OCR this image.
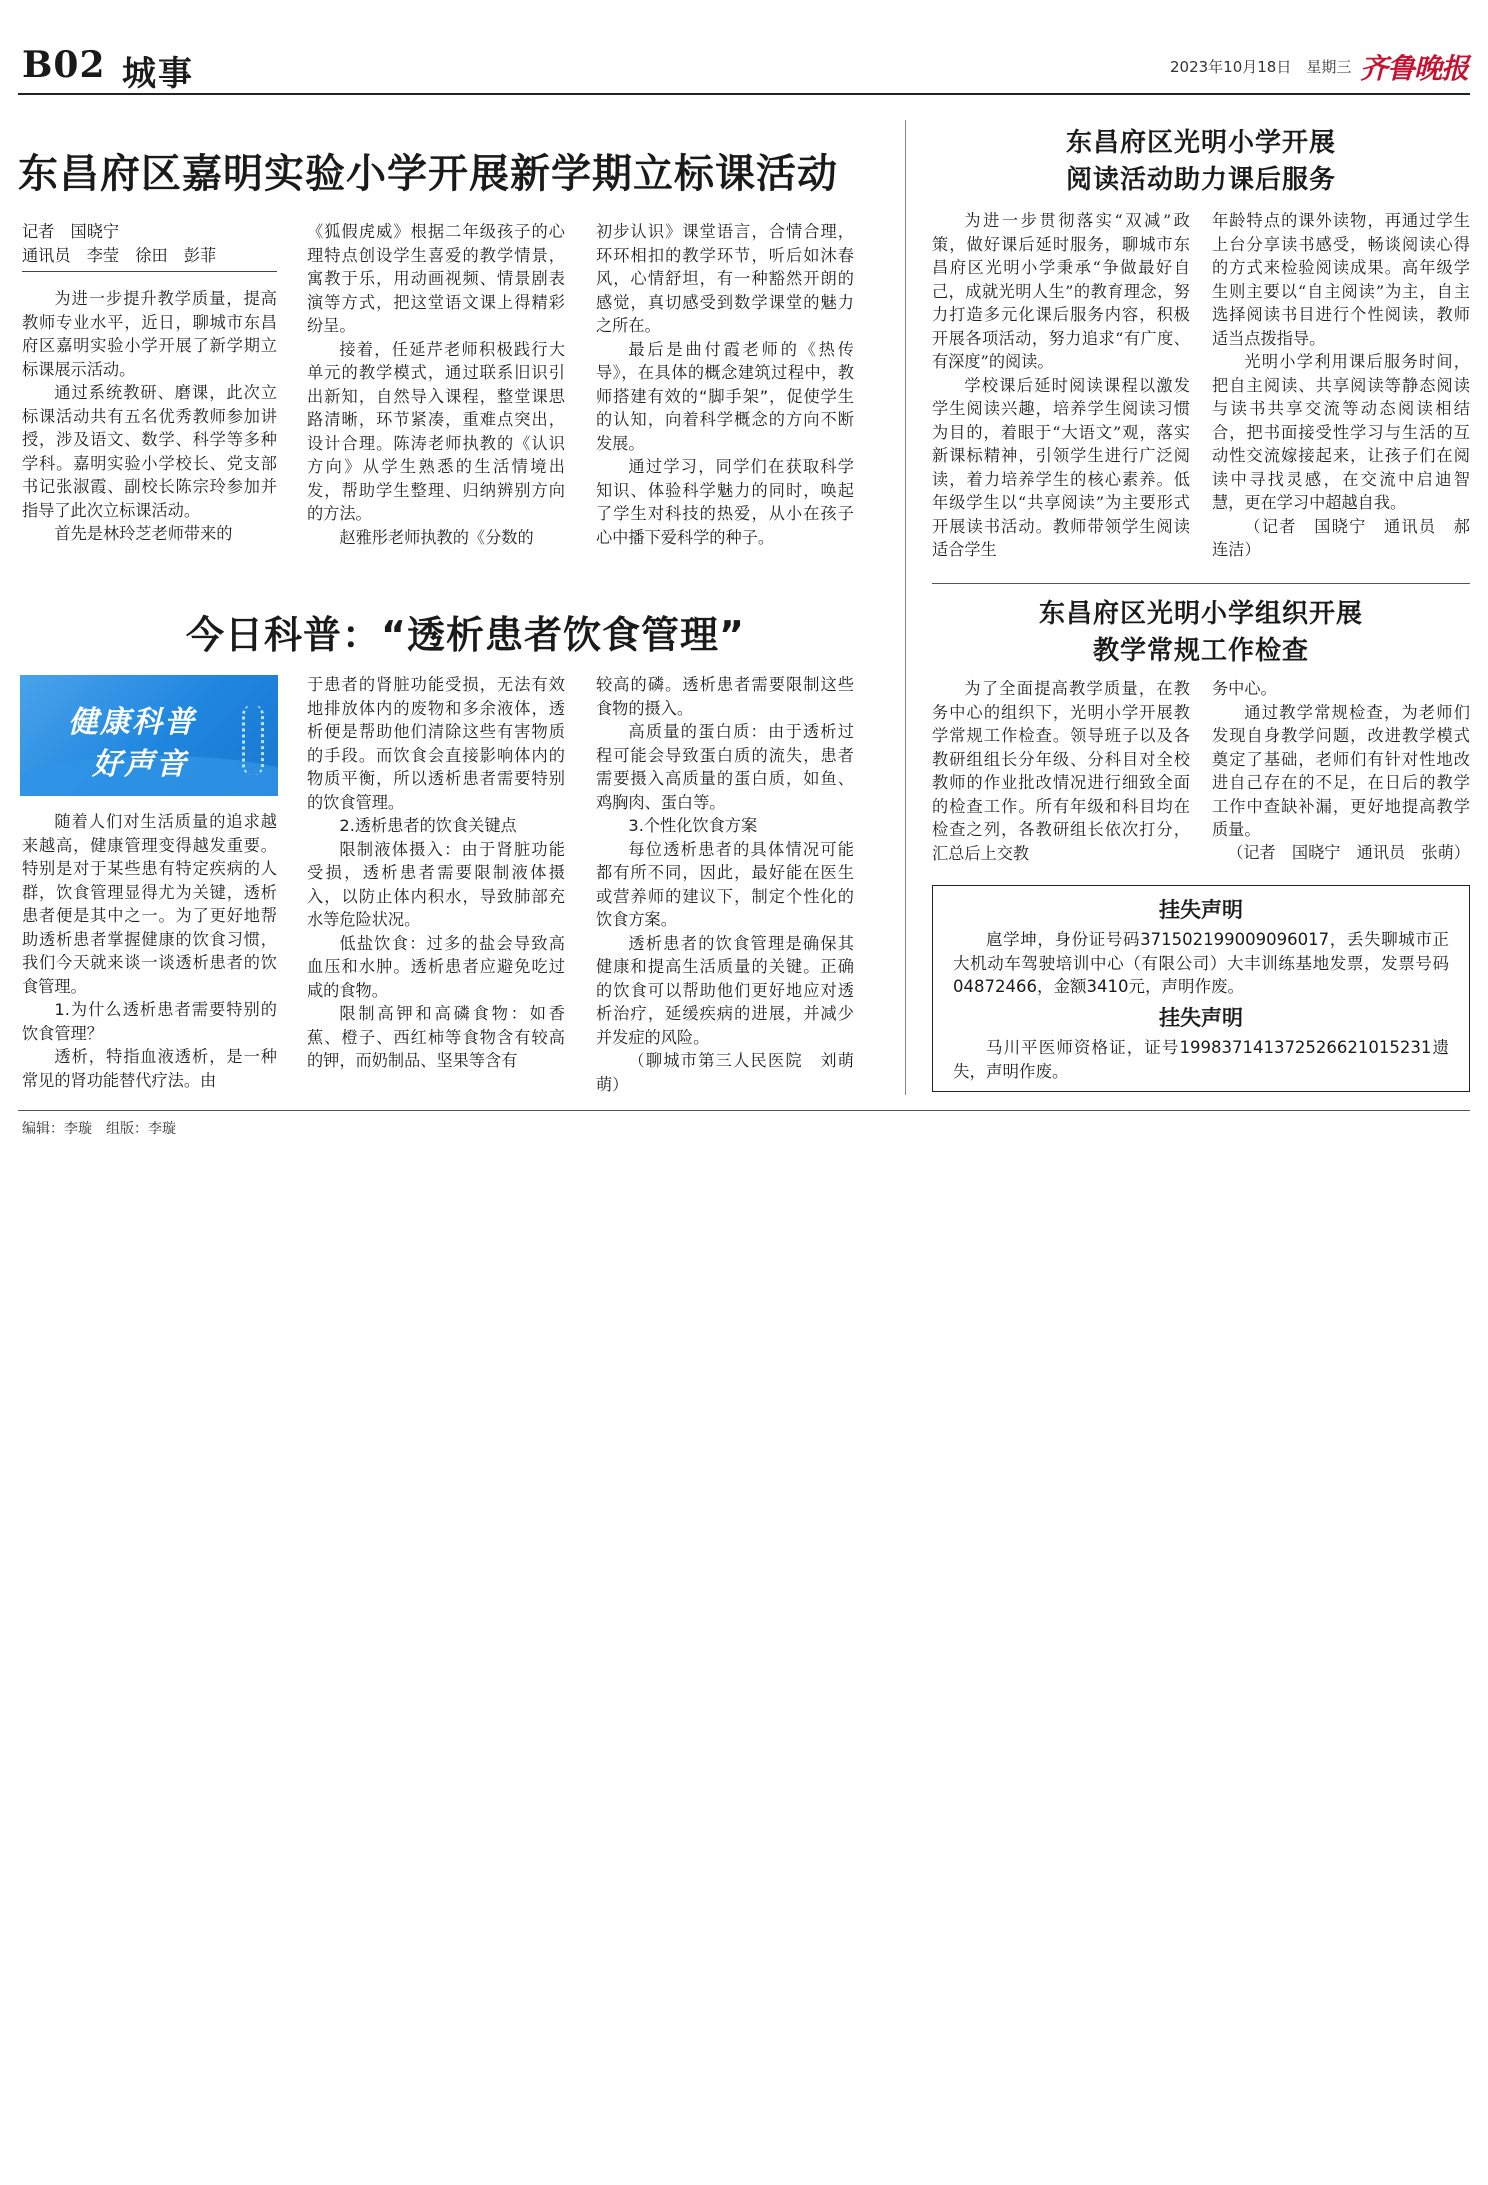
B02 城事	2023年10月18日　星期三 齐鲁晚报
东昌府区嘉明实验小学开展新学期立标课活动
记者　国晓宁
通讯员　李莹　徐田　彭菲

为进一步提升教学质量，提高教师专业水平，近日，聊城市东昌府区嘉明实验小学开展了新学期立标课展示活动。

通过系统教研、磨课，此次立标课活动共有五名优秀教师参加讲授，涉及语文、数学、科学等多种学科。嘉明实验小学校长、党支部书记张淑霞、副校长陈宗玲参加并指导了此次立标课活动。

首先是林玲芝老师带来的

《狐假虎威》根据二年级孩子的心理特点创设学生喜爱的教学情景，寓教于乐，用动画视频、情景剧表演等方式，把这堂语文课上得精彩纷呈。

接着，任延芹老师积极践行大单元的教学模式，通过联系旧识引出新知，自然导入课程，整堂课思路清晰，环节紧凑，重难点突出，设计合理。陈涛老师执教的《认识方向》从学生熟悉的生活情境出发，帮助学生整理、归纳辨别方向的方法。

赵雅彤老师执教的《分数的

初步认识》课堂语言，合情合理，环环相扣的教学环节，听后如沐春风，心情舒坦，有一种豁然开朗的感觉，真切感受到数学课堂的魅力之所在。

最后是曲付霞老师的《热传导》，在具体的概念建筑过程中，教师搭建有效的“脚手架”，促使学生的认知，向着科学概念的方向不断发展。

通过学习，同学们在获取科学知识、体验科学魅力的同时，唤起了学生对科技的热爱，从小在孩子心中播下爱科学的种子。

今日科普：“透析患者饮食管理”
健康科普
好声音

随着人们对生活质量的追求越来越高，健康管理变得越发重要。特别是对于某些患有特定疾病的人群，饮食管理显得尤为关键，透析患者便是其中之一。为了更好地帮助透析患者掌握健康的饮食习惯，我们今天就来谈一谈透析患者的饮食管理。

1.为什么透析患者需要特别的饮食管理？

透析，特指血液透析，是一种常见的肾功能替代疗法。由

于患者的肾脏功能受损，无法有效地排放体内的废物和多余液体，透析便是帮助他们清除这些有害物质的手段。而饮食会直接影响体内的物质平衡，所以透析患者需要特别的饮食管理。

2.透析患者的饮食关键点

限制液体摄入：由于肾脏功能受损，透析患者需要限制液体摄入，以防止体内积水，导致肺部充水等危险状况。

低盐饮食：过多的盐会导致高血压和水肿。透析患者应避免吃过咸的食物。

限制高钾和高磷食物：如香蕉、橙子、西红柿等食物含有较高的钾，而奶制品、坚果等含有

较高的磷。透析患者需要限制这些食物的摄入。

高质量的蛋白质：由于透析过程可能会导致蛋白质的流失，患者需要摄入高质量的蛋白质，如鱼、鸡胸肉、蛋白等。

3.个性化饮食方案

每位透析患者的具体情况可能都有所不同，因此，最好能在医生或营养师的建议下，制定个性化的饮食方案。

透析患者的饮食管理是确保其健康和提高生活质量的关键。正确的饮食可以帮助他们更好地应对透析治疗，延缓疾病的进展，并减少并发症的风险。

（聊城市第三人民医院　刘萌萌）

东昌府区光明小学开展
阅读活动助力课后服务

为进一步贯彻落实“双减”政策，做好课后延时服务，聊城市东昌府区光明小学秉承“争做最好自己，成就光明人生”的教育理念，努力打造多元化课后服务内容，积极开展各项活动，努力追求“有广度、有深度”的阅读。

学校课后延时阅读课程以激发学生阅读兴趣，培养学生阅读习惯为目的，着眼于“大语文”观，落实新课标精神，引领学生进行广泛阅读，着力培养学生的核心素养。低年级学生以“共享阅读”为主要形式开展读书活动。教师带领学生阅读适合学生

年龄特点的课外读物，再通过学生上台分享读书感受，畅谈阅读心得的方式来检验阅读成果。高年级学生则主要以“自主阅读”为主，自主选择阅读书目进行个性阅读，教师适当点拨指导。

光明小学利用课后服务时间，把自主阅读、共享阅读等静态阅读与读书共享交流等动态阅读相结合，把书面接受性学习与生活的互动性交流嫁接起来，让孩子们在阅读中寻找灵感，在交流中启迪智慧，更在学习中超越自我。

（记者　国晓宁　通讯员　郝连洁）

东昌府区光明小学组织开展
教学常规工作检查

为了全面提高教学质量，在教务中心的组织下，光明小学开展教学常规工作检查。领导班子以及各教研组组长分年级、分科目对全校教师的作业批改情况进行细致全面的检查工作。所有年级和科目均在检查之列，各教研组长依次打分，汇总后上交教

务中心。

通过教学常规检查，为老师们发现自身教学问题，改进教学模式奠定了基础，老师们有针对性地改进自己存在的不足，在日后的教学工作中查缺补漏，更好地提高教学质量。

（记者　国晓宁　通讯员　张萌）

挂失声明
扈学坤，身份证号码371502199009096017，丢失聊城市正大机动车驾驶培训中心（有限公司）大丰训练基地发票，发票号码04872466，金额3410元，声明作废。
挂失声明
马川平医师资格证，证号199837141372526621015231遗失，声明作废。
编辑：李璇　组版：李璇
